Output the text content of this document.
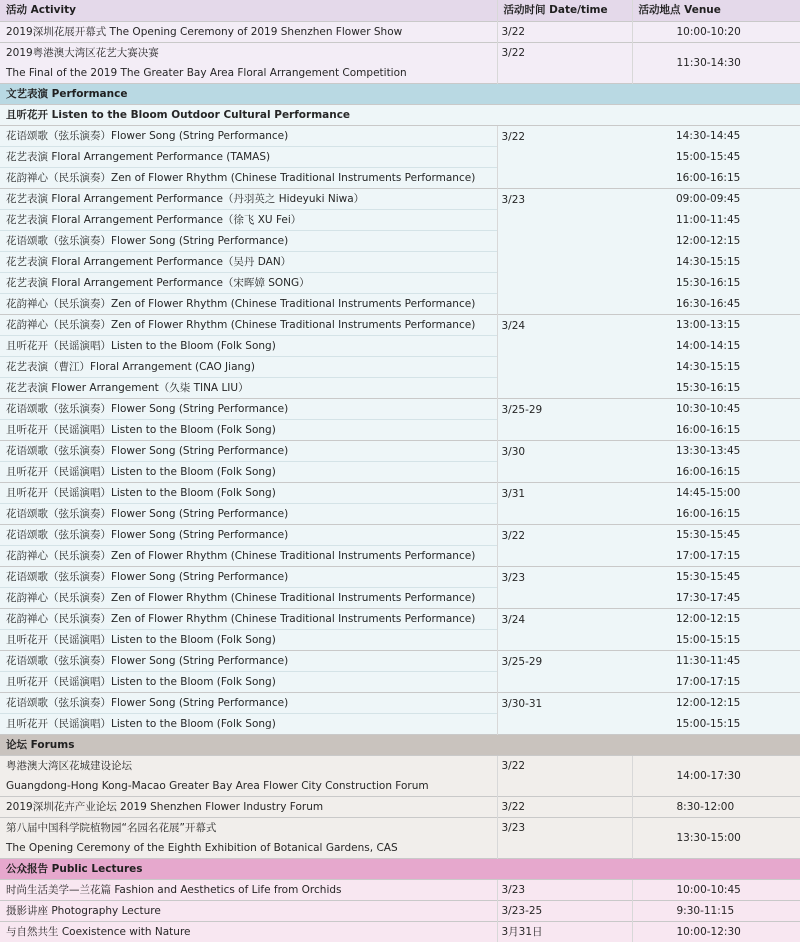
活动 Activity	活动时间 Date/time	活动地点 Venue	
2019深圳花展开幕式 The Opening Ceremony of 2019 Shenzhen Flower Show	3/22	10:00-10:20	
2019粤港澳大湾区花艺大赛决赛	3/22	11:30-14:30	
The Final of the 2019 The Greater Bay Area Floral Arrangement Competition			
文艺表演 Performance			
且听花开 Listen to the Bloom Outdoor Cultural Performance			
花语颂歌（弦乐演奏）Flower Song (String Performance)	3/22	14:30-14:45	
花艺表演 Floral Arrangement Performance (TAMAS)		15:00-15:45	
花韵禅心（民乐演奏）Zen of Flower Rhythm (Chinese Traditional Instruments Performance)		16:00-16:15	
花艺表演 Floral Arrangement Performance（丹羽英之 Hideyuki Niwa）	3/23	09:00-09:45	
花艺表演 Floral Arrangement Performance（徐飞 XU Fei）		11:00-11:45	
花语颂歌（弦乐演奏）Flower Song (String Performance)		12:00-12:15	
花艺表演 Floral Arrangement Performance（吴丹 DAN）		14:30-15:15	
花艺表演 Floral Arrangement Performance（宋晖嫜 SONG）		15:30-16:15	
花韵禅心（民乐演奏）Zen of Flower Rhythm (Chinese Traditional Instruments Performance)		16:30-16:45	
花韵禅心（民乐演奏）Zen of Flower Rhythm (Chinese Traditional Instruments Performance)	3/24	13:00-13:15	
且听花开（民谣演唱）Listen to the Bloom (Folk Song)		14:00-14:15	
花艺表演（曹江）Floral Arrangement (CAO Jiang)		14:30-15:15	
花艺表演 Flower Arrangement（久柒 TINA LIU）		15:30-16:15	
花语颂歌（弦乐演奏）Flower Song (String Performance)	3/25-29	10:30-10:45	
且听花开（民谣演唱）Listen to the Bloom (Folk Song)		16:00-16:15	
花语颂歌（弦乐演奏）Flower Song (String Performance)	3/30	13:30-13:45	
且听花开（民谣演唱）Listen to the Bloom (Folk Song)		16:00-16:15	
且听花开（民谣演唱）Listen to the Bloom (Folk Song)	3/31	14:45-15:00	
花语颂歌（弦乐演奏）Flower Song (String Performance)		16:00-16:15	
花语颂歌（弦乐演奏）Flower Song (String Performance)	3/22	15:30-15:45	

花韵禅心（民乐演奏）Zen of Flower Rhythm (Chinese Traditional Instruments Performance)		17:00-17:15	
花语颂歌（弦乐演奏）Flower Song (String Performance)	3/23	15:30-15:45	
花韵禅心（民乐演奏）Zen of Flower Rhythm (Chinese Traditional Instruments Performance)		17:30-17:45	
花韵禅心（民乐演奏）Zen of Flower Rhythm (Chinese Traditional Instruments Performance)	3/24	12:00-12:15	
且听花开（民谣演唱）Listen to the Bloom (Folk Song)		15:00-15:15	
花语颂歌（弦乐演奏）Flower Song (String Performance)	3/25-29	11:30-11:45	
且听花开（民谣演唱）Listen to the Bloom (Folk Song)		17:00-17:15	
花语颂歌（弦乐演奏）Flower Song (String Performance)	3/30-31	12:00-12:15	
且听花开（民谣演唱）Listen to the Bloom (Folk Song)		15:00-15:15	
论坛 Forums			
粤港澳大湾区花城建设论坛	3/22	14:00-17:30	
Guangdong-Hong Kong-Macao Greater Bay Area Flower City Construction Forum			
2019深圳花卉产业论坛 2019 Shenzhen Flower Industry Forum	3/22	8:30-12:00	
第八届中国科学院植物园“名园名花展”开幕式	3/23	13:30-15:00	
The Opening Ceremony of the Eighth Exhibition of Botanical Gardens, CAS			
公众报告 Public Lectures			
时尚生活美学—兰花篇 Fashion and Aesthetics of Life from Orchids	3/23	10:00-10:45	
摄影讲座 Photography Lecture	3/23-25	9:30-11:15	
与自然共生 Coexistence with Nature	3月31日	10:00-12:30	
